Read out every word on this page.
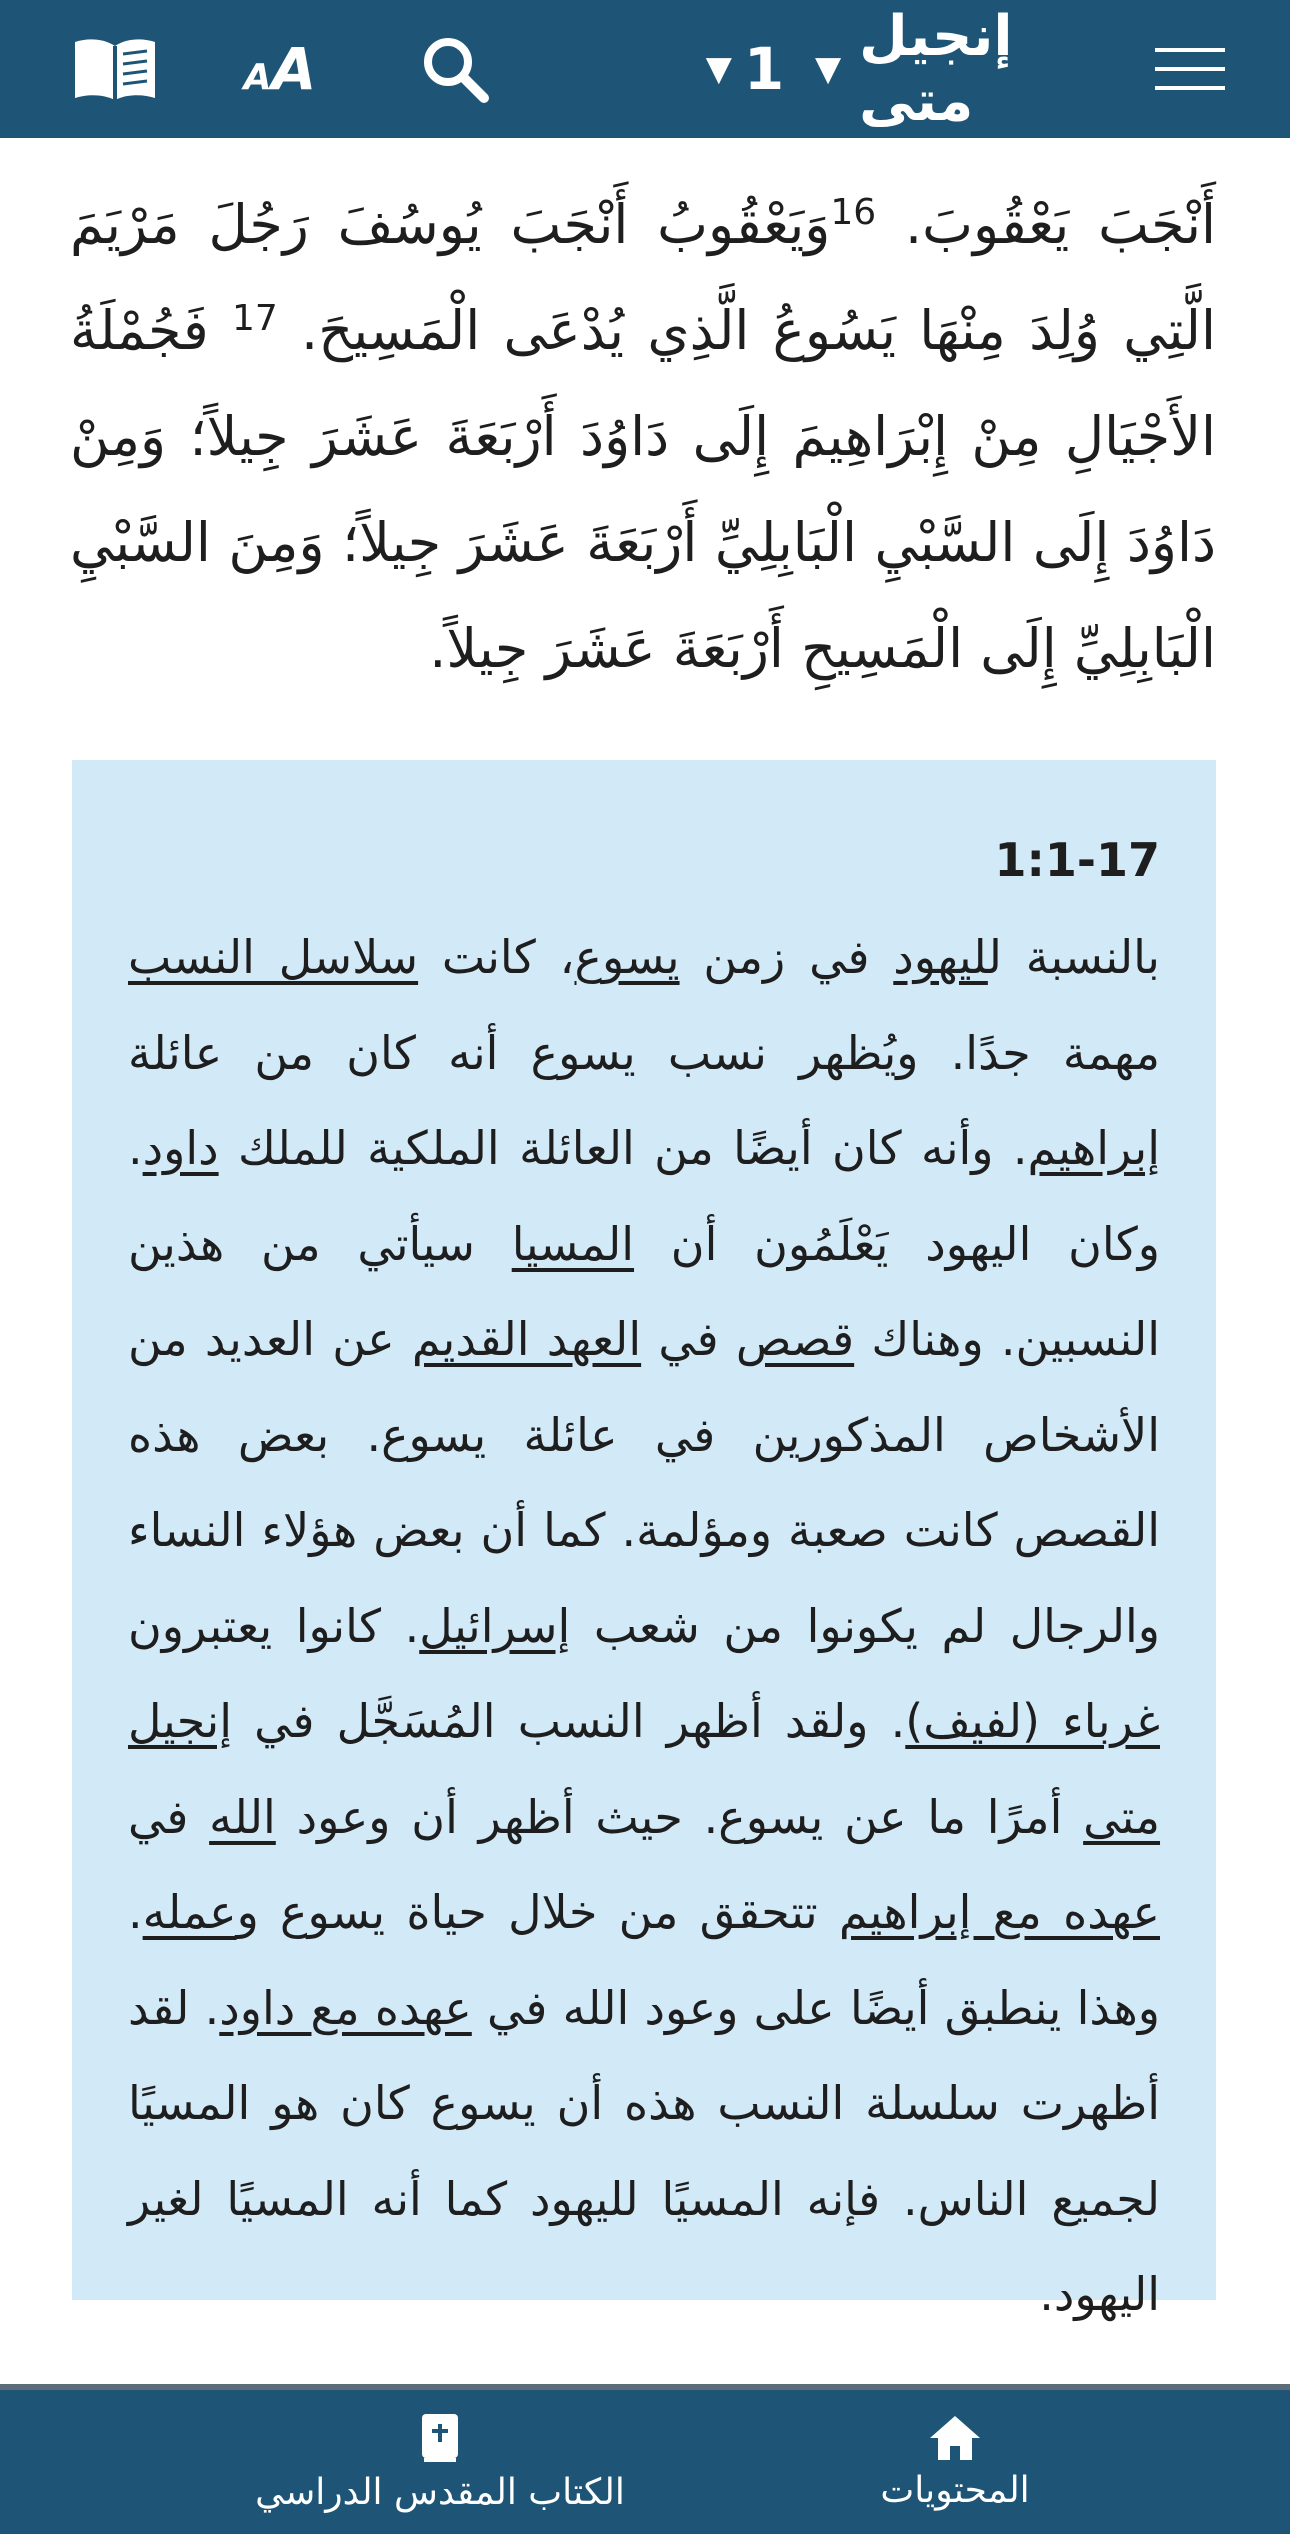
AA	▼ 1 ▼ إنجيل متى
أَنْجَبَ يَعْقُوبَ. $^{16}$وَيَعْقُوبُ أَنْجَبَ يُوسُفَ رَجُلَ مَرْيَمَ الَّتِي وُلِدَ مِنْهَا يَسُوعُ الَّذِي يُدْعَى الْمَسِيحَ. $^{17}$ فَجُمْلَةُ الأَجْيَالِ مِنْ إِبْرَاهِيمَ إِلَى دَاوُدَ أَرْبَعَةَ عَشَرَ جِيلاً؛ وَمِنْ دَاوُدَ إِلَى السَّبْيِ الْبَابِلِيِّ أَرْبَعَةَ عَشَرَ جِيلاً؛ وَمِنَ السَّبْيِ الْبَابِلِيِّ إِلَى الْمَسِيحِ أَرْبَعَةَ عَشَرَ جِيلاً.
1:1-17
بالنسبة لليهود في زمن يسوع، كانت سلاسل النسب مهمة جدًا. ويُظهر نسب يسوع أنه كان من عائلة إبراهيم. وأنه كان أيضًا من العائلة الملكية للملك داود. وكان اليهود يَعْلَمُون أن المسيا سيأتي من هذين النسبين. وهناك قصص في العهد القديم عن العديد من الأشخاص المذكورين في عائلة يسوع. بعض هذه القصص كانت صعبة ومؤلمة. كما أن بعض هؤلاء النساء والرجال لم يكونوا من شعب إسرائيل. كانوا يعتبرون غرباء (لفيف). ولقد أظهر النسب المُسَجَّل في إنجيل متى أمرًا ما عن يسوع. حيث أظهر أن وعود الله في عهده مع إبراهيم تتحقق من خلال حياة يسوع وعمله. وهذا ينطبق أيضًا على وعود الله في عهده مع داود. لقد أظهرت سلسلة النسب هذه أن يسوع كان هو المسيًا لجميع الناس. فإنه المسيًا لليهود كما أنه المسيًا لغير اليهود.
الكتاب المقدس الدراسي	المحتويات
